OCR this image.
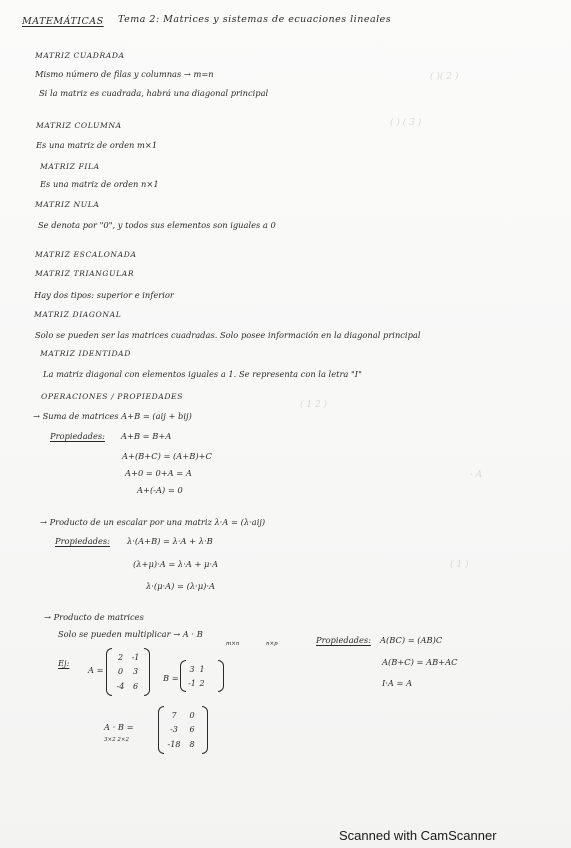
( )( 2 )
( ) ( 3 )
( 1 2 )
· A
( 1 )
MATEMÁTICAS Tema 2: Matrices y sistemas de ecuaciones lineales
MATRIZ CUADRADA
Mismo número de filas y columnas → m=n
Si la matriz es cuadrada, habrá una diagonal principal
MATRIZ COLUMNA
Es una matriz de orden m×1
MATRIZ FILA
Es una matriz de orden n×1
MATRIZ NULA
Se denota por "0", y todos sus elementos son iguales a 0
MATRIZ ESCALONADA
MATRIZ TRIANGULAR
Hay dos tipos: superior e inferior
MATRIZ DIAGONAL
Solo se pueden ser las matrices cuadradas. Solo posee información en la diagonal principal
MATRIZ IDENTIDAD
La matriz diagonal con elementos iguales a 1. Se representa con la letra "I"
OPERACIONES / PROPIEDADES
→ Suma de matrices A+B = (aij + bij)
Propiedades: A+B = B+A
A+(B+C) = (A+B)+C
A+0 = 0+A = A
A+(-A) = 0
→ Producto de un escalar por una matriz λ·A = (λ·aij)
Propiedades: λ·(A+B) = λ·A + λ·B
(λ+μ)·A = λ·A + μ·A
λ·(μ·A) = (λ·μ)·A
→ Producto de matrices
Solo se pueden multiplicar → A · B
m×n	n×p	Propiedades: A(BC) = (AB)C
A(B+C) = AB+AC
I·A = A
Ej:
A =
2	-1
0	3
-4	6
B =
3 1
-1 2
A · B =
3×2 2×2
7	0
-3	6
-18	8
Scanned with CamScanner
